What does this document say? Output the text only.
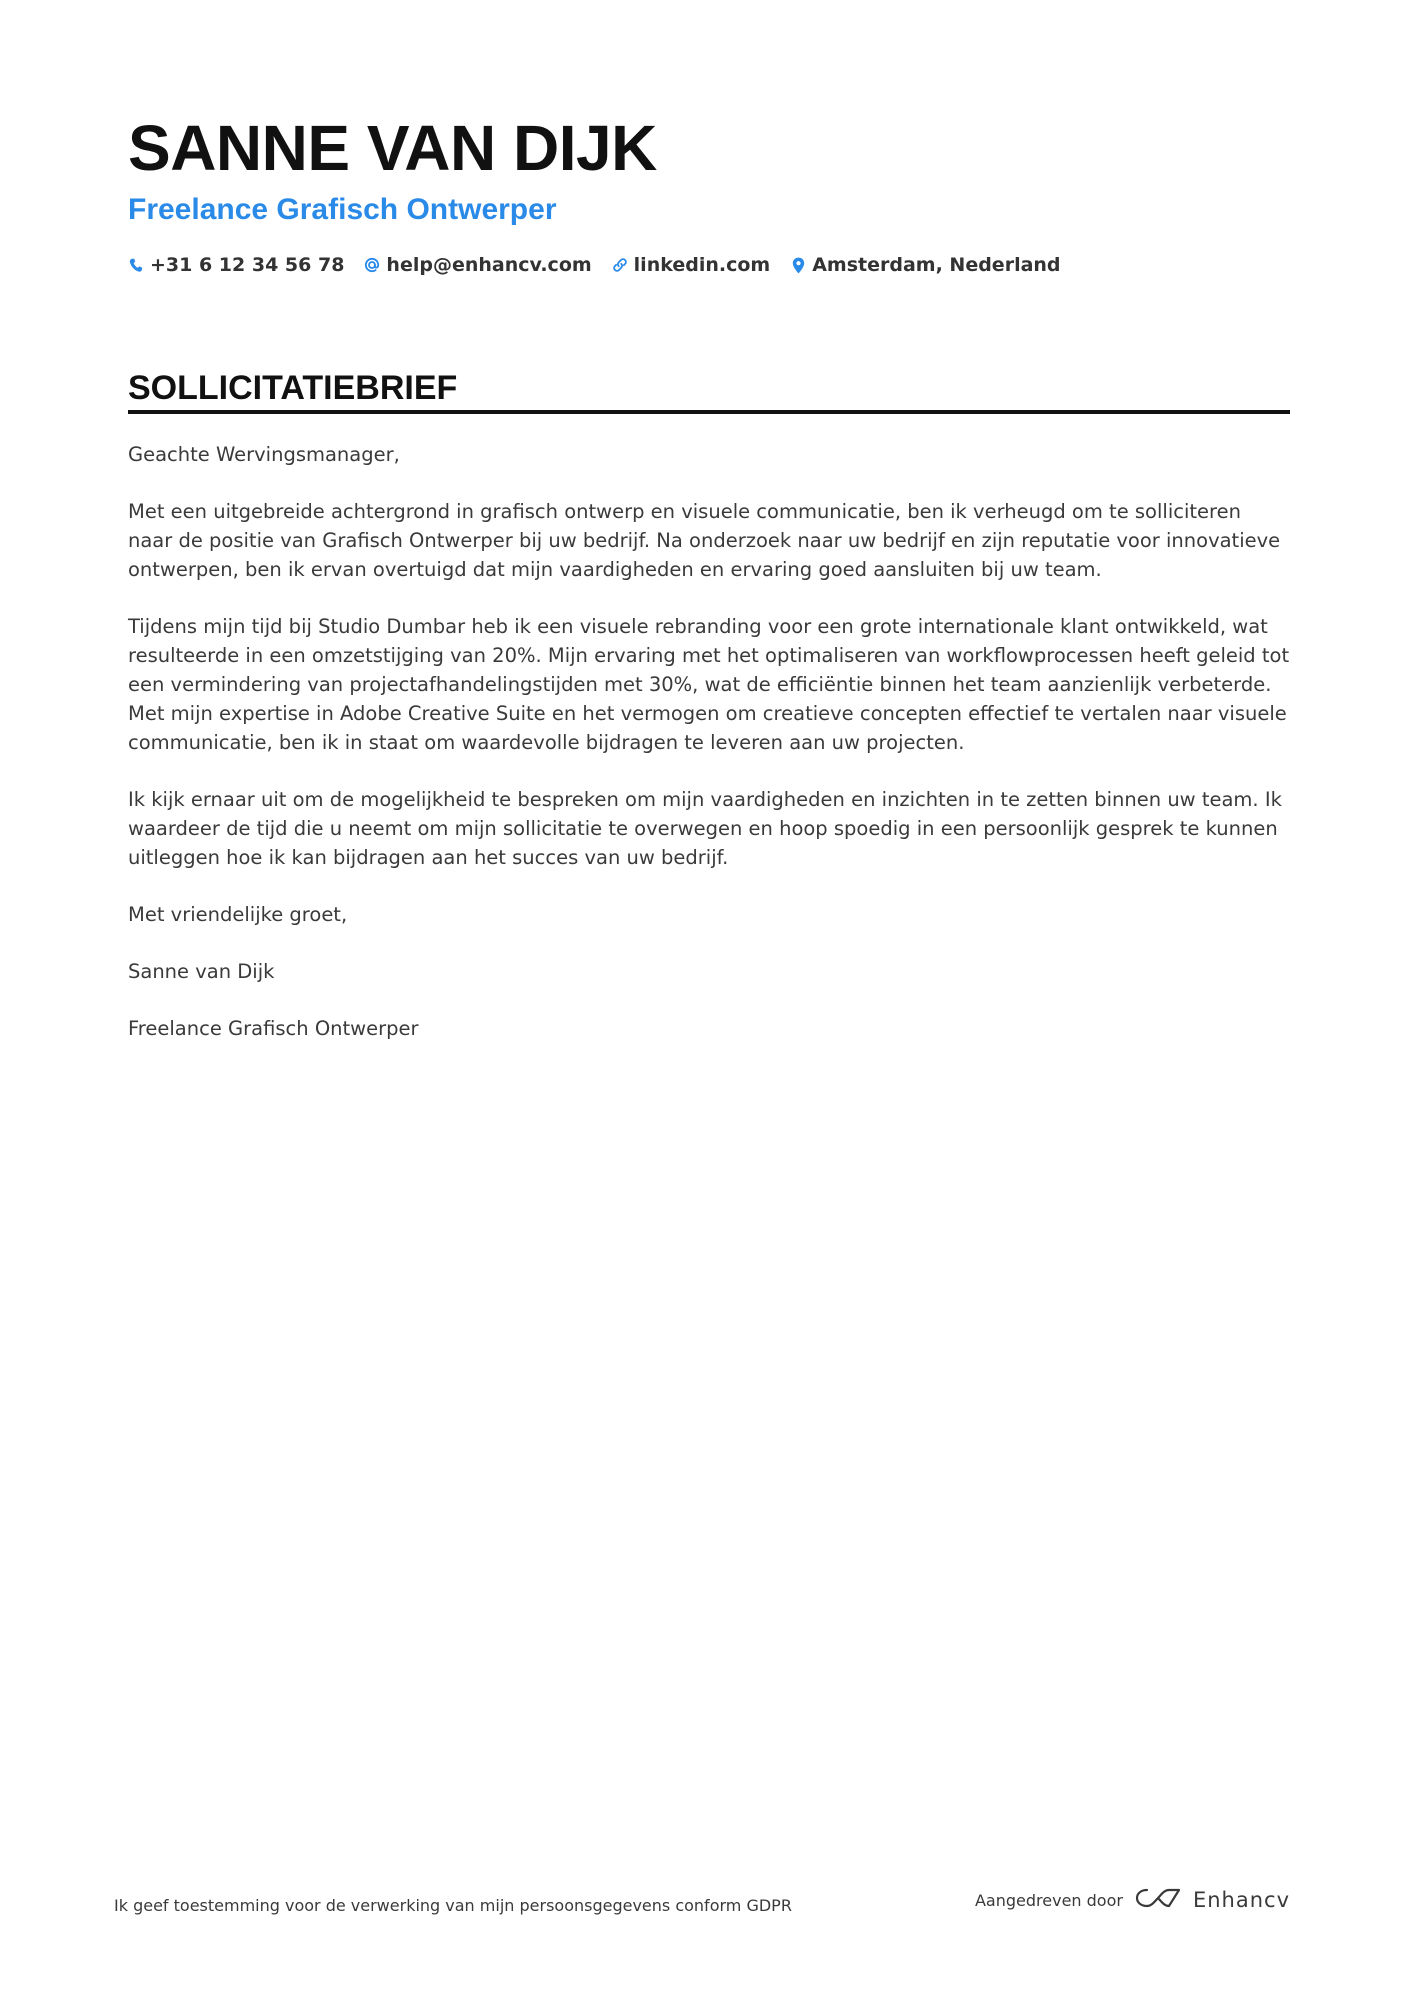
SANNE VAN DIJK
Freelance Grafisch Ontwerper
+31 6 12 34 56 78 help@enhancv.com linkedin.com Amsterdam, Nederland
SOLLICITATIEBRIEF

Geachte Wervingsmanager,

Met een uitgebreide achtergrond in grafisch ontwerp en visuele communicatie, ben ik verheugd om te solliciteren naar de positie van Grafisch Ontwerper bij uw bedrijf. Na onderzoek naar uw bedrijf en zijn reputatie voor innovatieve ontwerpen, ben ik ervan overtuigd dat mijn vaardigheden en ervaring goed aansluiten bij uw team.

Tijdens mijn tijd bij Studio Dumbar heb ik een visuele rebranding voor een grote internationale klant ontwikkeld, wat resulteerde in een omzetstijging van 20%. Mijn ervaring met het optimaliseren van workflowprocessen heeft geleid tot een vermindering van projectafhandelingstijden met 30%, wat de efficiëntie binnen het team aanzienlijk verbeterde. Met mijn expertise in Adobe Creative Suite en het vermogen om creatieve concepten effectief te vertalen naar visuele communicatie, ben ik in staat om waardevolle bijdragen te leveren aan uw projecten.

Ik kijk ernaar uit om de mogelijkheid te bespreken om mijn vaardigheden en inzichten in te zetten binnen uw team. Ik waardeer de tijd die u neemt om mijn sollicitatie te overwegen en hoop spoedig in een persoonlijk gesprek te kunnen uitleggen hoe ik kan bijdragen aan het succes van uw bedrijf.

Met vriendelijke groet,

Sanne van Dijk

Freelance Grafisch Ontwerper

Ik geef toestemming voor de verwerking van mijn persoonsgegevens conform GDPR	Aangedreven door	Enhancv
